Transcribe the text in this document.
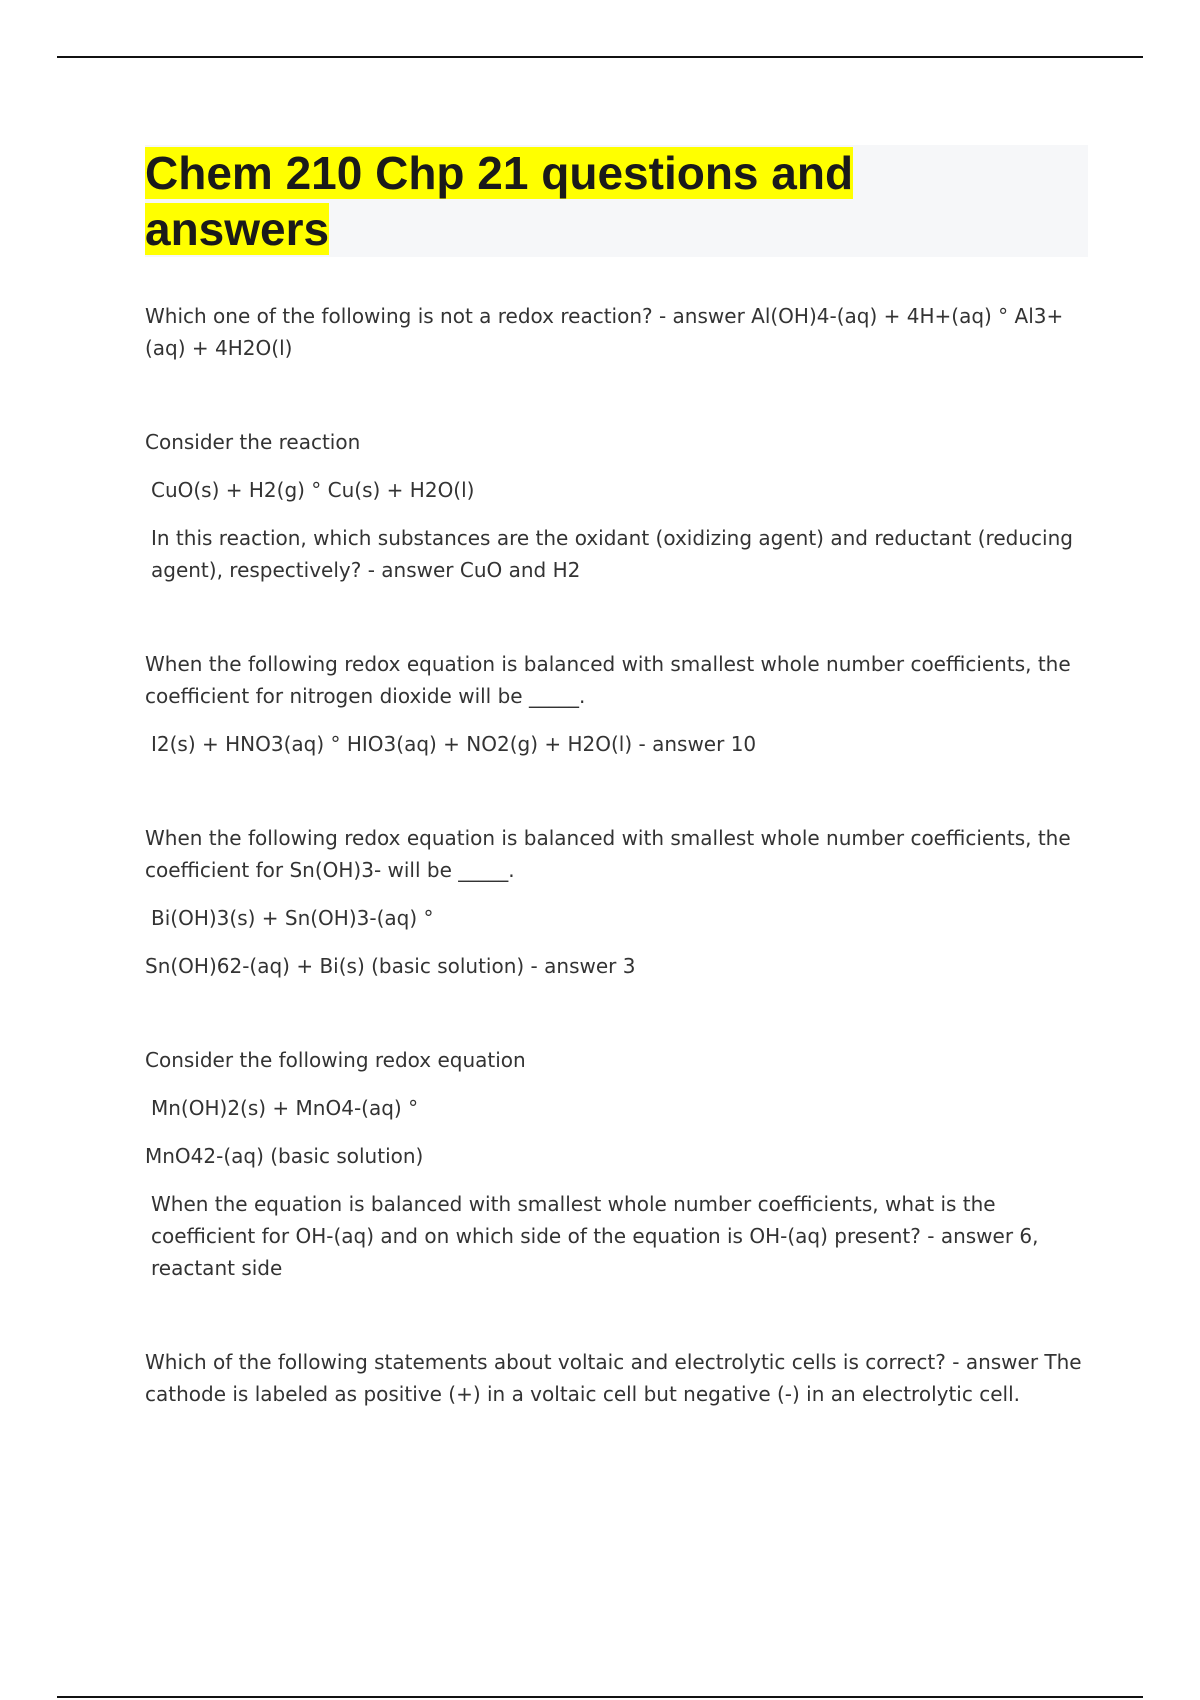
Chem 210 Chp 21 questions and
answers

Which one of the following is not a redox reaction? - answer Al(OH)4-(aq) + 4H+(aq) ° Al3+(aq) + 4H2O(l)

Consider the reaction

CuO(s) + H2(g) ° Cu(s) + H2O(l)

In this reaction, which substances are the oxidant (oxidizing agent) and reductant (reducing agent), respectively? - answer CuO and H2

When the following redox equation is balanced with smallest whole number coefficients, the coefficient for nitrogen dioxide will be _____.

I2(s) + HNO3(aq) ° HIO3(aq) + NO2(g) + H2O(l) - answer 10

When the following redox equation is balanced with smallest whole number coefficients, the coefficient for Sn(OH)3- will be _____.

Bi(OH)3(s) + Sn(OH)3-(aq) °

Sn(OH)62-(aq) + Bi(s) (basic solution) - answer 3

Consider the following redox equation

Mn(OH)2(s) + MnO4-(aq) °

MnO42-(aq) (basic solution)

When the equation is balanced with smallest whole number coefficients, what is the coefficient for OH-(aq) and on which side of the equation is OH-(aq) present? - answer 6, reactant side

Which of the following statements about voltaic and electrolytic cells is correct? - answer The cathode is labeled as positive (+) in a voltaic cell but negative (-) in an electrolytic cell.
